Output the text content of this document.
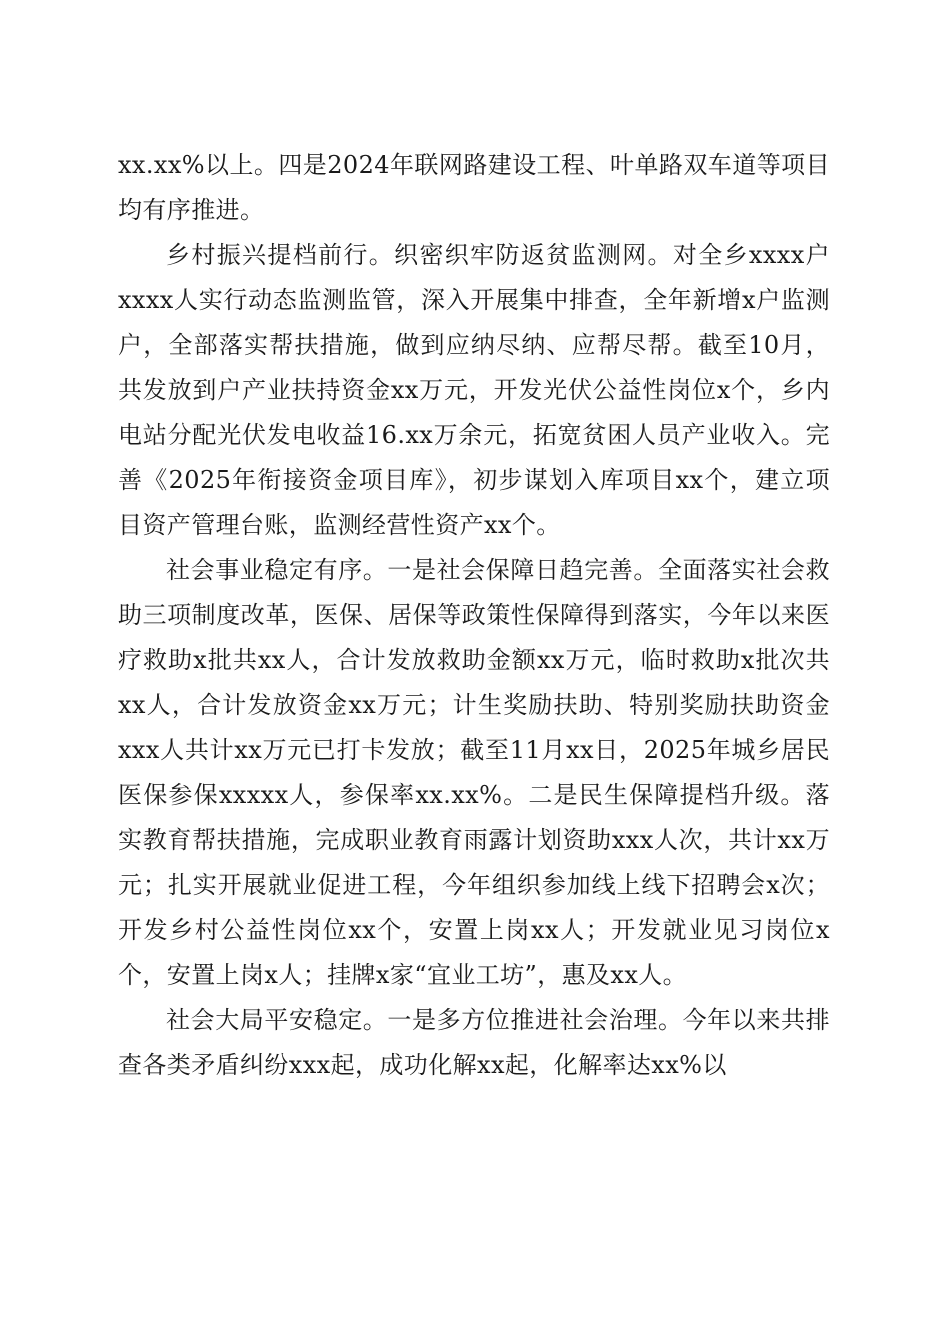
xx.xx%以上。四是2024年联网路建设工程、叶单路双车道等项目均有序推进。

乡村振兴提档前行。织密织牢防返贫监测网。对全乡xxxx户xxxx人实行动态监测监管，深入开展集中排查，全年新增x户监测户，全部落实帮扶措施，做到应纳尽纳、应帮尽帮。截至10月，共发放到户产业扶持资金xx万元，开发光伏公益性岗位x个，乡内电站分配光伏发电收益16.xx万余元，拓宽贫困人员产业收入。完善《2025年衔接资金项目库》，初步谋划入库项目xx个，建立项目资产管理台账，监测经营性资产xx个。

社会事业稳定有序。一是社会保障日趋完善。全面落实社会救助三项制度改革，医保、居保等政策性保障得到落实，今年以来医疗救助x批共xx人，合计发放救助金额xx万元，临时救助x批次共xx人，合计发放资金xx万元；计生奖励扶助、特别奖励扶助资金xxx人共计xx万元已打卡发放；截至11月xx日，2025年城乡居民医保参保xxxxx人，参保率xx.xx%。二是民生保障提档升级。落实教育帮扶措施，完成职业教育雨露计划资助xxx人次，共计xx万元；扎实开展就业促进工程，今年组织参加线上线下招聘会x次；开发乡村公益性岗位xx个，安置上岗xx人；开发就业见习岗位x个，安置上岗x人；挂牌x家“宜业工坊”，惠及xx人。

社会大局平安稳定。一是多方位推进社会治理。今年以来共排查各类矛盾纠纷xxx起，成功化解xx起，化解率达xx%以
